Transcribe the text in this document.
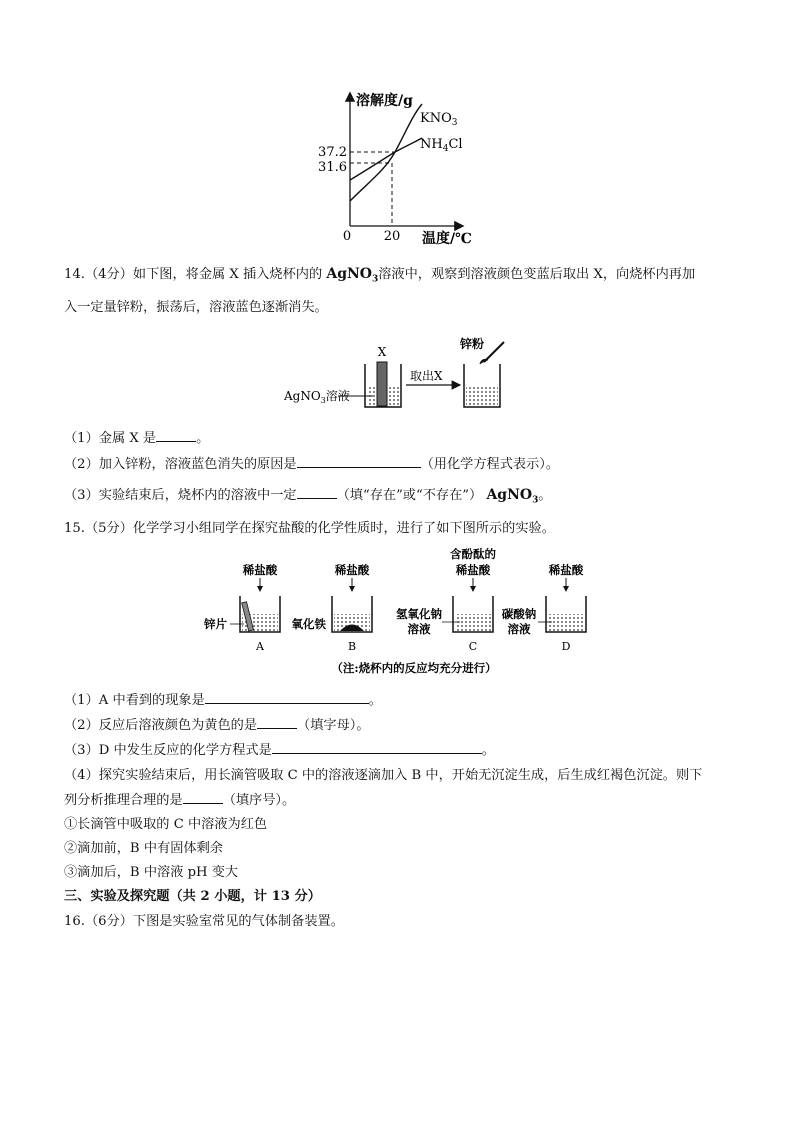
溶解度/g
37.2
31.6
0	20 温度/℃
$KNO_3$
$NH_4Cl$
14.（4分）如下图，将金属 X 插入烧杯内的 AgNO$_3$溶液中，观察到溶液颜色变蓝后取出 X，向烧杯内再加
入一定量锌粉，振荡后，溶液蓝色逐渐消失。
X
AgNO$_3$溶液
取出X
锌粉
（1）金属 X 是	。
（2）加入锌粉，溶液蓝色消失的原因是	（用化学方程式表示）。
（3）实验结束后，烧杯内的溶液中一定	（填“存在”或“不存在”） AgNO$_3$。
15.（5分）化学学习小组同学在探究盐酸的化学性质时，进行了如下图所示的实验。
稀盐酸
锌片
A
稀盐酸
氧化铁
B
含酚酞的
稀盐酸
氢氧化钠
溶液
C
稀盐酸
碳酸钠
溶液
D
（注:烧杯内的反应均充分进行）
（1）A 中看到的现象是	。
（2）反应后溶液颜色为黄色的是	（填字母）。
（3）D 中发生反应的化学方程式是	。
（4）探究实验结束后，用长滴管吸取 C 中的溶液逐滴加入 B 中，开始无沉淀生成，后生成红褐色沉淀。则下
列分析推理合理的是	（填序号）。
①长滴管中吸取的 C 中溶液为红色
②滴加前，B 中有固体剩余
③滴加后，B 中溶液 pH 变大
三、实验及探究题（共 2 小题，计 13 分）
16.（6分）下图是实验室常见的气体制备装置。
